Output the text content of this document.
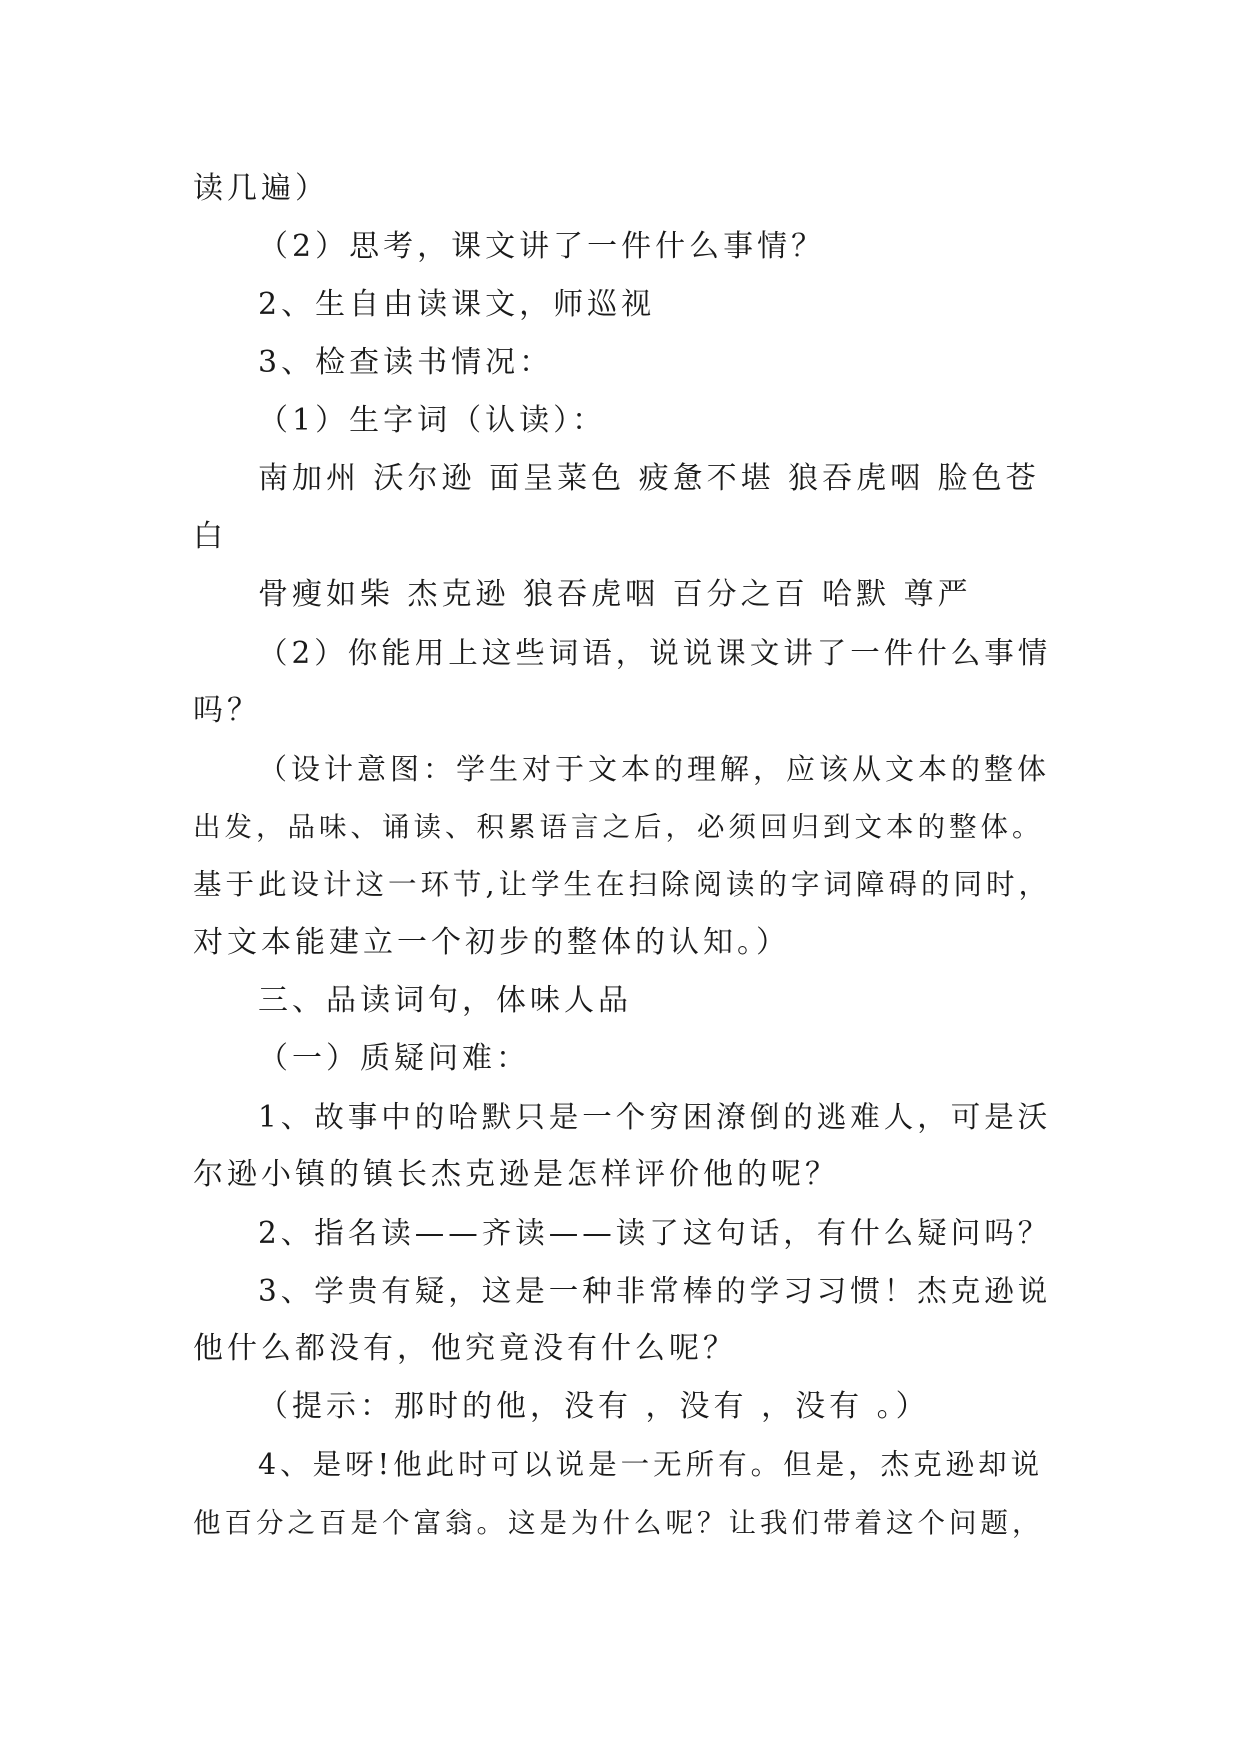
读几遍）
（2）思考，课文讲了一件什么事情？
2、生自由读课文，师巡视
3、检查读书情况：
（1）生字词（认读）：
南加州 沃尔逊 面呈菜色 疲惫不堪 狼吞虎咽 脸色苍
白
骨瘦如柴 杰克逊 狼吞虎咽 百分之百 哈默 尊严
（2）你能用上这些词语，说说课文讲了一件什么事情
吗？
（设计意图：学生对于文本的理解，应该从文本的整体
出发，品味、诵读、积累语言之后，必须回归到文本的整体。
基于此设计这一环节,让学生在扫除阅读的字词障碍的同时，
对文本能建立一个初步的整体的认知。）
三、品读词句，体味人品
（一）质疑问难：
1、故事中的哈默只是一个穷困潦倒的逃难人，可是沃
尔逊小镇的镇长杰克逊是怎样评价他的呢？
2、指名读——齐读——读了这句话，有什么疑问吗？
3、学贵有疑，这是一种非常棒的学习习惯！杰克逊说
他什么都没有，他究竟没有什么呢？
（提示：那时的他，没有 ，没有 ，没有 。）
4、是呀!他此时可以说是一无所有。但是，杰克逊却说
他百分之百是个富翁。这是为什么呢？让我们带着这个问题，
